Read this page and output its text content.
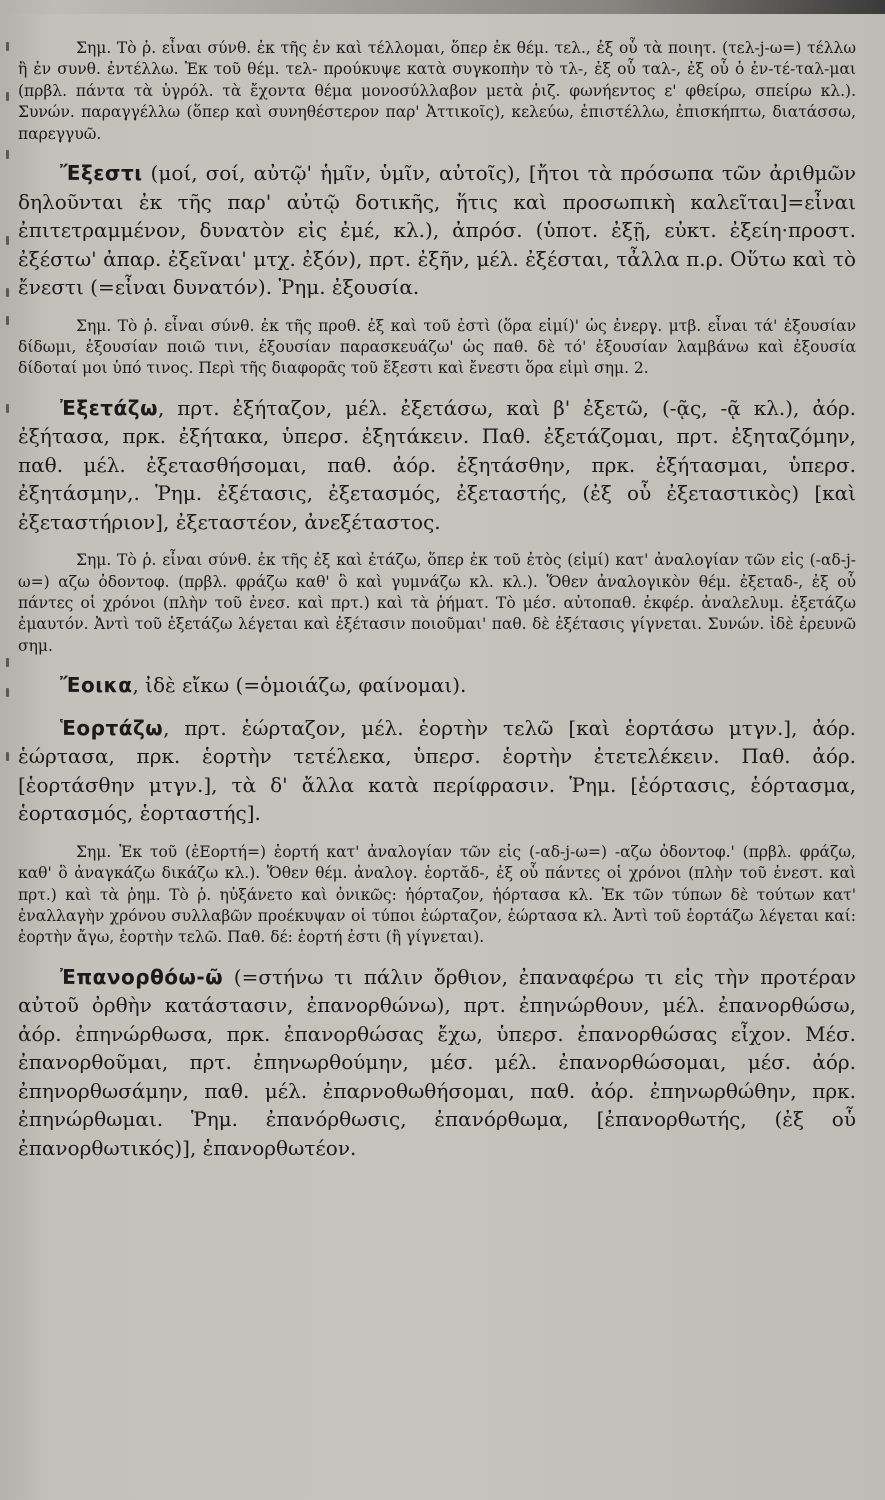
Σημ. Τὸ ῥ. εἶναι σύνθ. ἐκ τῆς ἐν καὶ τέλλομαι, ὅπερ ἐκ θέμ. τελ., ἐξ οὗ τὰ ποιητ. (τελ-j-ω=) τέλλω ἢ ἐν συνθ. ἐντέλλω. Ἐκ τοῦ θέμ. τελ- προύκυψε κατὰ συγκοπὴν τὸ τλ-, ἐξ οὗ ταλ-, ἐξ οὗ ὁ ἐν-τέ-ταλ-μαι (πρβλ. πάντα τὰ ὑγρόλ. τὰ ἔχοντα θέμα μονοσύλλαβον μετὰ ῥιζ. φωνήεντος ε' φθείρω, σπείρω κλ.). Συνών. παραγγέλλω (ὅπερ καὶ συνηθέστερον παρ' Ἀττικοῖς), κελεύω, ἐπιστέλλω, ἐπισκήπτω, διατάσσω, παρεγγυῶ.

Ἔξεστι (μοί, σοί, αὐτῷ' ἡμῖν, ὑμῖν, αὐτοῖς), [ἤτοι τὰ πρόσωπα τῶν ἀριθμῶν δηλοῦνται ἐκ τῆς παρ' αὐτῷ δοτικῆς, ἥτις καὶ προσωπικὴ καλεῖται]=εἶναι ἐπιτετραμμένον, δυνατὸν εἰς ἐμέ, κλ.), ἀπρόσ. (ὑποτ. ἐξῇ, εὐκτ. ἐξείη·προστ. ἐξέστω' ἀπαρ. ἐξεῖναι' μτχ. ἐξόν), πρτ. ἐξῆν, μέλ. ἐξέσται, τἆλλα π.ρ. Οὕτω καὶ τὸ ἔνεστι (=εἶναι δυνατόν). Ῥημ. ἐξουσία.

Σημ. Τὸ ῥ. εἶναι σύνθ. ἐκ τῆς προθ. ἐξ καὶ τοῦ ἐστὶ (ὅρα εἰμί)' ὡς ἐνεργ. μτβ. εἶναι τά' ἐξουσίαν δίδωμι, ἐξουσίαν ποιῶ τινι, ἐξουσίαν παρασκευάζω' ὡς παθ. δὲ τό' ἐξουσίαν λαμβάνω καὶ ἐξουσία δίδοταί μοι ὑπό τινος. Περὶ τῆς διαφορᾶς τοῦ ἔξεστι καὶ ἔνεστι ὅρα εἰμὶ σημ. 2.

Ἐξετάζω, πρτ. ἐξήταζον, μέλ. ἐξετάσω, καὶ β' ἐξετῶ, (-ᾷς, -ᾷ κλ.), ἀόρ. ἐξήτασα, πρκ. ἐξήτακα, ὑπερσ. ἐξητάκειν. Παθ. ἐξετάζομαι, πρτ. ἐξηταζόμην, παθ. μέλ. ἐξετασθήσομαι, παθ. ἀόρ. ἐξητάσθην, πρκ. ἐξήτασμαι, ὑπερσ. ἐξητάσμην,. Ῥημ. ἐξέτασις, ἐξετασμός, ἐξεταστής, (ἐξ οὗ ἐξεταστικὸς) [καὶ ἐξεταστήριον], ἐξεταστέον, ἀνεξέταστος.

Σημ. Τὸ ῥ. εἶναι σύνθ. ἐκ τῆς ἐξ καὶ ἐτάζω, ὅπερ ἐκ τοῦ ἐτὸς (εἰμί) κατ' ἀναλογίαν τῶν εἰς (-αδ-j-ω=) αζω ὀδοντοφ. (πρβλ. φράζω καθ' ὃ καὶ γυμνάζω κλ. κλ.). Ὅθεν ἀναλογικὸν θέμ. ἐξεταδ-, ἐξ οὗ πάντες οἱ χρόνοι (πλὴν τοῦ ἐνεσ. καὶ πρτ.) καὶ τὰ ῥήματ. Τὸ μέσ. αὐτοπαθ. ἐκφέρ. ἀναλελυμ. ἐξετάζω ἐμαυτόν. Ἀντὶ τοῦ ἐξετάζω λέγεται καὶ ἐξέτασιν ποιοῦμαι' παθ. δὲ ἐξέτασις γίγνεται. Συνών. ἰδὲ ἐρευνῶ σημ.

Ἔοικα, ἰδὲ εἴκω (=ὁμοιάζω, φαίνομαι).

Ἑορτάζω, πρτ. ἑώρταζον, μέλ. ἑορτὴν τελῶ [καὶ ἑορτάσω μτγν.], ἀόρ. ἑώρτασα, πρκ. ἑορτὴν τετέλεκα, ὑπερσ. ἑορτὴν ἐτετελέκειν. Παθ. ἀόρ. [ἑορτάσθην μτγν.], τὰ δ' ἄλλα κατὰ περίφρασιν. Ῥημ. [ἑόρτασις, ἑόρτασμα, ἑορτασμός, ἑορταστής].

Σημ. Ἐκ τοῦ (ἐΕορτή=) ἑορτή κατ' ἀναλογίαν τῶν εἰς (-αδ-j-ω=) -αζω ὀδοντοφ.' (πρβλ. φράζω, καθ' ὃ ἀναγκάζω δικάζω κλ.). Ὅθεν θέμ. ἀναλογ. ἑορτᾰδ-, ἐξ οὗ πάντες οἱ χρόνοι (πλὴν τοῦ ἐνεστ. καὶ πρτ.) καὶ τὰ ῥημ. Τὸ ῥ. ηὐξάνετο καὶ ὀνικῶς: ἡόρταζον, ἡόρτασα κλ. Ἐκ τῶν τύπων δὲ τούτων κατ' ἐναλλαγὴν χρόνου συλλαβῶν προέκυψαν οἱ τύποι ἑώρταζον, ἑώρτασα κλ. Ἀντὶ τοῦ ἑορτάζω λέγεται καί: ἑορτὴν ἄγω, ἑορτὴν τελῶ. Παθ. δέ: ἑορτή ἐστι (ἢ γίγνεται).

Ἐπανορθόω-ῶ (=στήνω τι πάλιν ὄρθιον, ἐπαναφέρω τι εἰς τὴν προτέραν αὐτοῦ ὀρθὴν κατάστασιν, ἐπανορθώνω), πρτ. ἐπηνώρθουν, μέλ. ἐπανορθώσω, ἀόρ. ἐπηνώρθωσα, πρκ. ἐπανορθώσας ἔχω, ὑπερσ. ἐπανορθώσας εἶχον. Μέσ. ἐπανορθοῦμαι, πρτ. ἐπηνωρθούμην, μέσ. μέλ. ἐπανορθώσομαι, μέσ. ἀόρ. ἐπηνορθωσάμην, παθ. μέλ. ἐπαρνοθωθήσομαι, παθ. ἀόρ. ἐπηνωρθώθην, πρκ. ἐπηνώρθωμαι. Ῥημ. ἐπανόρθωσις, ἐπανόρθωμα, [ἐπανορθωτής, (ἐξ οὗ ἐπανορθωτικός)], ἐπανορθωτέον.
